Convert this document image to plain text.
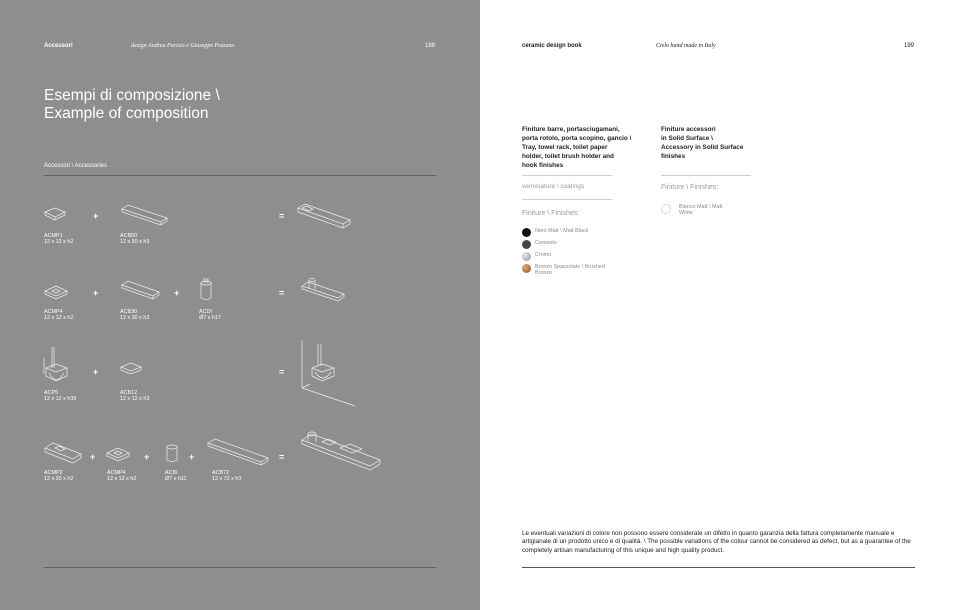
Accessori	design Andrea Parisio e Giuseppe Pezzano	198
Esempi di composizione \
Example of composition
Accessori \ Accessories
+	=
ACMP1
12 x 12 x h2
ACB50
12 x 50 x h3
+	+	=
ACMP4
12 x 12 x h2
ACB30
12 x 30 x h3
ACDI
Ø7 x h17
+	=
ACP5
12 x 12 x h35
ACB12
12 x 12 x h3
+	+	+	=
ACMP2
12 x 30 x h2
ACMP4
12 x 12 x h2
ACBI
Ø7 x h11
ACB72
12 x 72 x h3
ceramic design book	Cielo hand made in Italy	199
Finiture barre, portasciugamani,
porta rotolo, porta scopino, gancio \
Tray, towel rack, toilet paper
holder, toilet brush holder and
hook finishes
verniciature \ coatings
Finiture \ Finishes:
Nero Matt \ Matt Black
Cemento
Cromo
Bronzo Spazzolato \ Brushed Bronze
Finiture accessori
in Solid Surface \
Accessory in Solid Surface
finishes
Finiture \ Finishes:
Bianco Matt \ Matt White
Le eventuali variazioni di colore non possono essere considerate un difetto in quanto garanzia della fattura completamente manuale e artigianale di un prodotto unico e di qualità. \ The possible variations of the colour cannot be considered as defect, but as a guarantee of the completely artisan manufacturing of this unique and high quality product.
